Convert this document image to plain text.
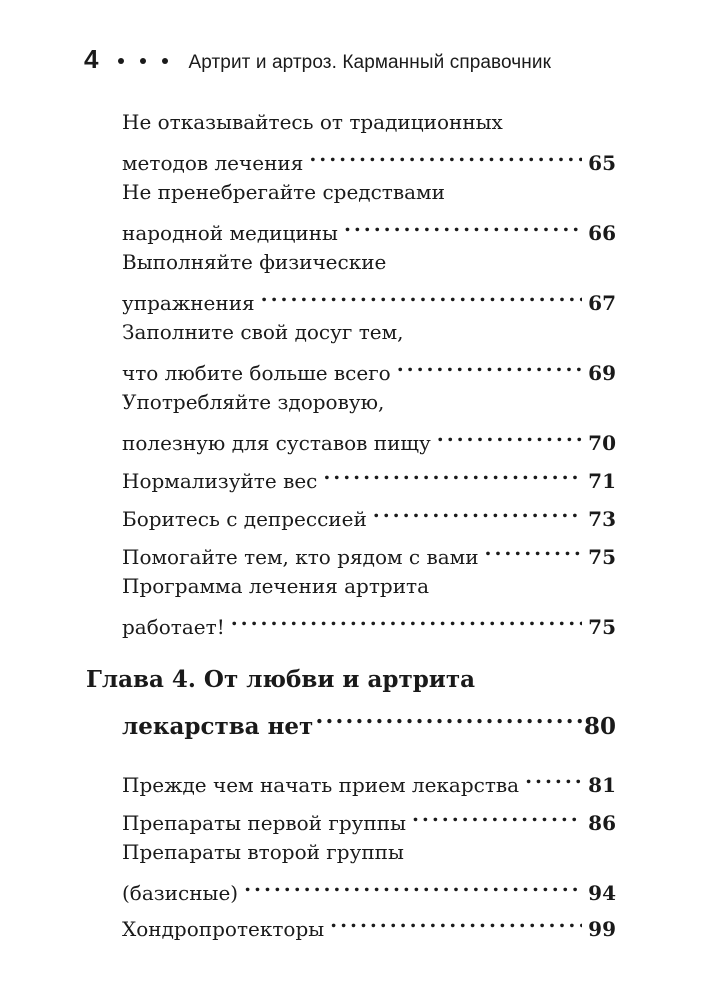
4	Артрит и артроз. Карманный справочник
Не отказывайтесь от традиционных
методов лечения . . .	65
Не пренебрегайте средствами
народной медицины . . .	66
Выполняйте физические
упражнения . . .	67
Заполните свой досуг тем,
что любите больше всего . . .	69
Употребляйте здоровую,
полезную для суставов пищу . . .	70
Нормализуйте вес . . .	71
Боритесь с депрессией . . .	73
Помогайте тем, кто рядом с вами . . .	75
Программа лечения артрита
работает! . . .	75
Глава 4. От любви и артрита
лекарства нет . . .	80
Прежде чем начать прием лекарства . . .	81
Препараты первой группы . . .	86
Препараты второй группы
(базисные) . . .	94
Хондропротекторы . . .	99
